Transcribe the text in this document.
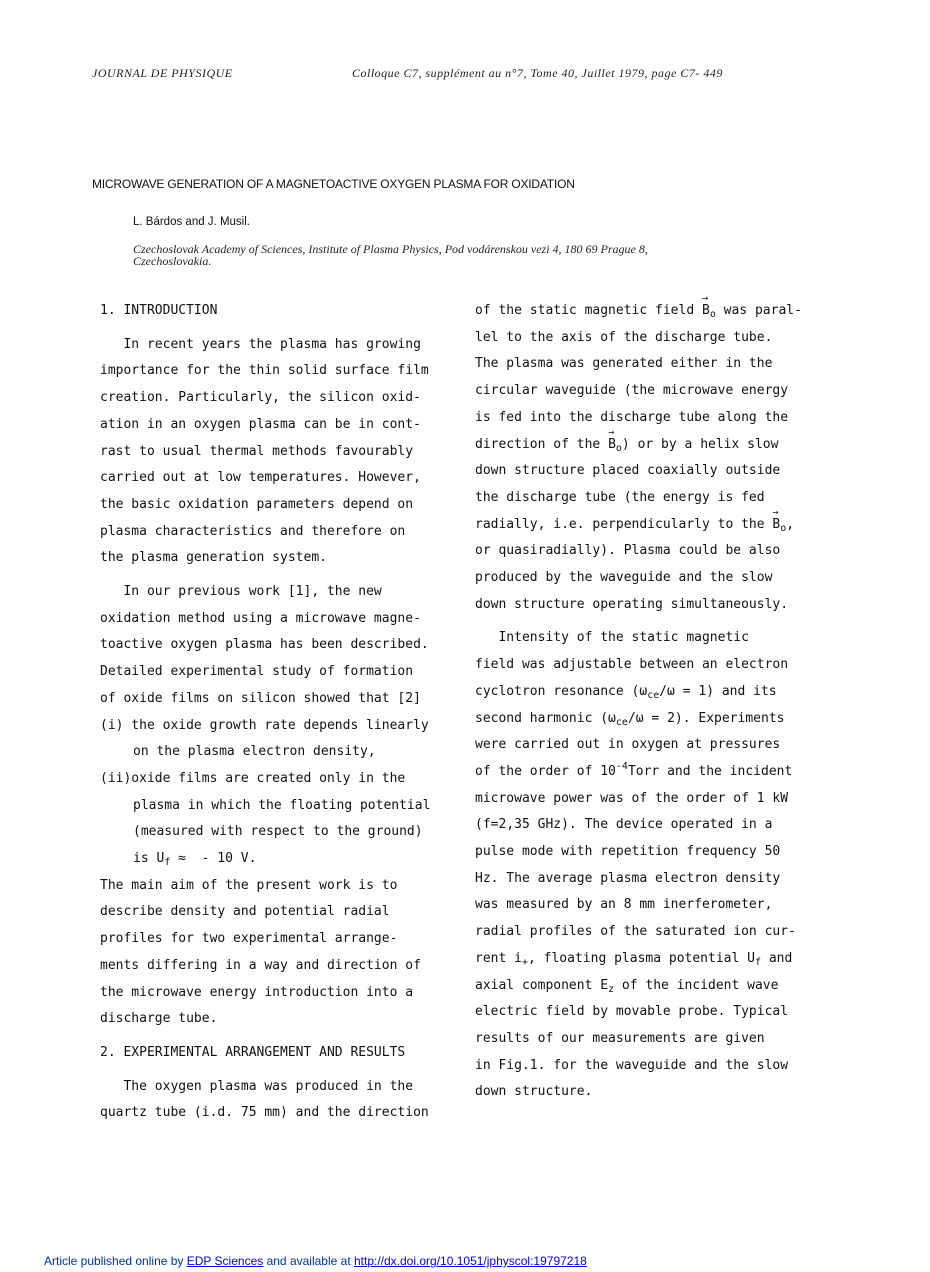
JOURNAL DE PHYSIQUE	Colloque C7, supplément au n°7, Tome 40, Juillet 1979, page C7- 449
MICROWAVE GENERATION OF A MAGNETOACTIVE OXYGEN PLASMA FOR OXIDATION
L. Bárdos and J. Musil.
Czechoslovak Academy of Sciences, Institute of Plasma Physics, Pod vodárenskou vezi 4, 180 69 Prague 8,
Czechoslovakia.
1. INTRODUCTION
In recent years the plasma has growing
importance for the thin solid surface film
creation. Particularly, the silicon oxid-
ation in an oxygen plasma can be in cont-
rast to usual thermal methods favourably
carried out at low temperatures. However,
the basic oxidation parameters depend on
plasma characteristics and therefore on
the plasma generation system.
In our previous work [1], the new
oxidation method using a microwave magne-
toactive oxygen plasma has been described.
Detailed experimental study of formation
of oxide films on silicon showed that [2]
(i) the oxide growth rate depends linearly
on the plasma electron density,
(ii)oxide films are created only in the
plasma in which the floating potential
(measured with respect to the ground)
is $U_f$ ≈  - 10 V.
The main aim of the present work is to
describe density and potential radial
profiles for two experimental arrange-
ments differing in a way and direction of
the microwave energy introduction into a
discharge tube.
2. EXPERIMENTAL ARRANGEMENT AND RESULTS
The oxygen plasma was produced in the
quartz tube (i.d. 75 mm) and the direction
of the static magnetic field → $B_o$ was paral-
lel to the axis of the discharge tube.
The plasma was generated either in the
circular waveguide (the microwave energy
is fed into the discharge tube along the
direction of the → $B_o$) or by a helix slow
down structure placed coaxially outside
the discharge tube (the energy is fed
radially, i.e. perpendicularly to the → $B_o$,
or quasiradially). Plasma could be also
produced by the waveguide and the slow
down structure operating simultaneously.
Intensity of the static magnetic
field was adjustable between an electron
cyclotron resonance $(\omega_{ce}/\omega = 1)$ and its
second harmonic $(\omega_{ce}/\omega = 2)$. Experiments
were carried out in oxygen at pressures
of the order of $10^{-4}Torr$ and the incident
microwave power was of the order of 1 kW
(f=2,35 GHz). The device operated in a
pulse mode with repetition frequency 50
Hz. The average plasma electron density
was measured by an 8 mm inerferometer,
radial profiles of the saturated ion cur-
rent $i_+$, floating plasma potential $U_f$ and
axial component $E_z$ of the incident wave
electric field by movable probe. Typical
results of our measurements are given
in Fig.1. for the waveguide and the slow
down structure.
Article published online by EDP Sciences and available at http://dx.doi.org/10.1051/jphyscol:19797218
